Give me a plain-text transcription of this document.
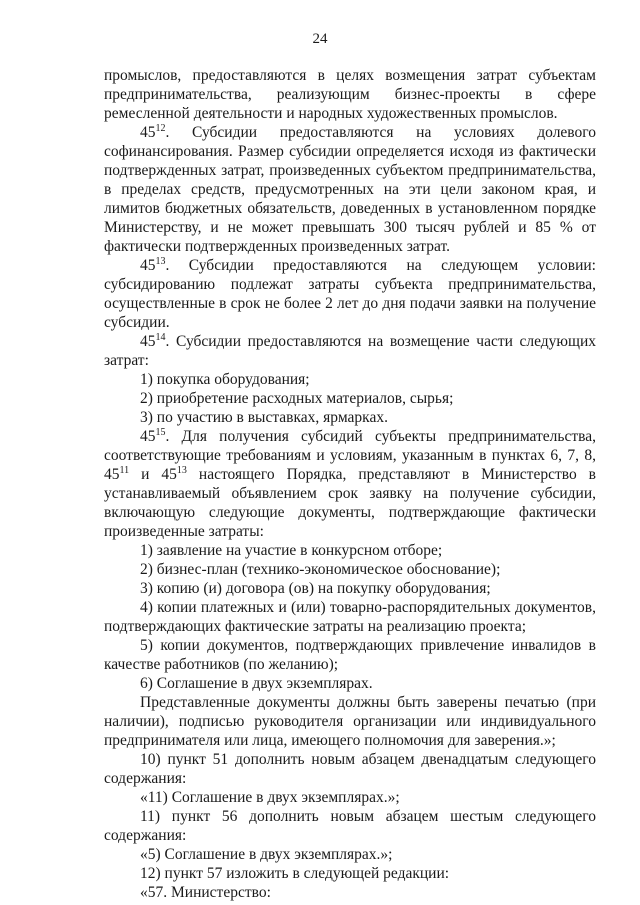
24

промыслов, предоставляются в целях возмещения затрат субъектам предпринимательства, реализующим бизнес-проекты в сфере ремесленной деятельности и народных художественных промыслов.

$45^{12}$. Субсидии предоставляются на условиях долевого софинансирования. Размер субсидии определяется исходя из фактически подтвержденных затрат, произведенных субъектом предпринимательства, в пределах средств, предусмотренных на эти цели законом края, и лимитов бюджетных обязательств, доведенных в установленном порядке Министерству, и не может превышать 300 тысяч рублей и 85 % от фактически подтвержденных произведенных затрат.

$45^{13}$. Субсидии предоставляются на следующем условии: субсидированию подлежат затраты субъекта предпринимательства, осуществленные в срок не более 2 лет до дня подачи заявки на получение субсидии.

$45^{14}$. Субсидии предоставляются на возмещение части следующих затрат:

1) покупка оборудования;

2) приобретение расходных материалов, сырья;

3) по участию в выставках, ярмарках.

$45^{15}$. Для получения субсидий субъекты предпринимательства, соответствующие требованиям и условиям, указанным в пунктах 6, 7, 8, $45^{11}$ и $45^{13}$ настоящего Порядка, представляют в Министерство в устанавливаемый объявлением срок заявку на получение субсидии, включающую следующие документы, подтверждающие фактически произведенные затраты:

1) заявление на участие в конкурсном отборе;

2) бизнес-план (технико-экономическое обоснование);

3) копию (и) договора (ов) на покупку оборудования;

4) копии платежных и (или) товарно-распорядительных документов, подтверждающих фактические затраты на реализацию проекта;

5) копии документов, подтверждающих привлечение инвалидов в качестве работников (по желанию);

6) Соглашение в двух экземплярах.

Представленные документы должны быть заверены печатью (при наличии), подписью руководителя организации или индивидуального предпринимателя или лица, имеющего полномочия для заверения.»;

10) пункт 51 дополнить новым абзацем двенадцатым следующего содержания:

«11) Соглашение в двух экземплярах.»;

11) пункт 56 дополнить новым абзацем шестым следующего содержания:

«5) Соглашение в двух экземплярах.»;

12) пункт 57 изложить в следующей редакции:

«57. Министерство:
